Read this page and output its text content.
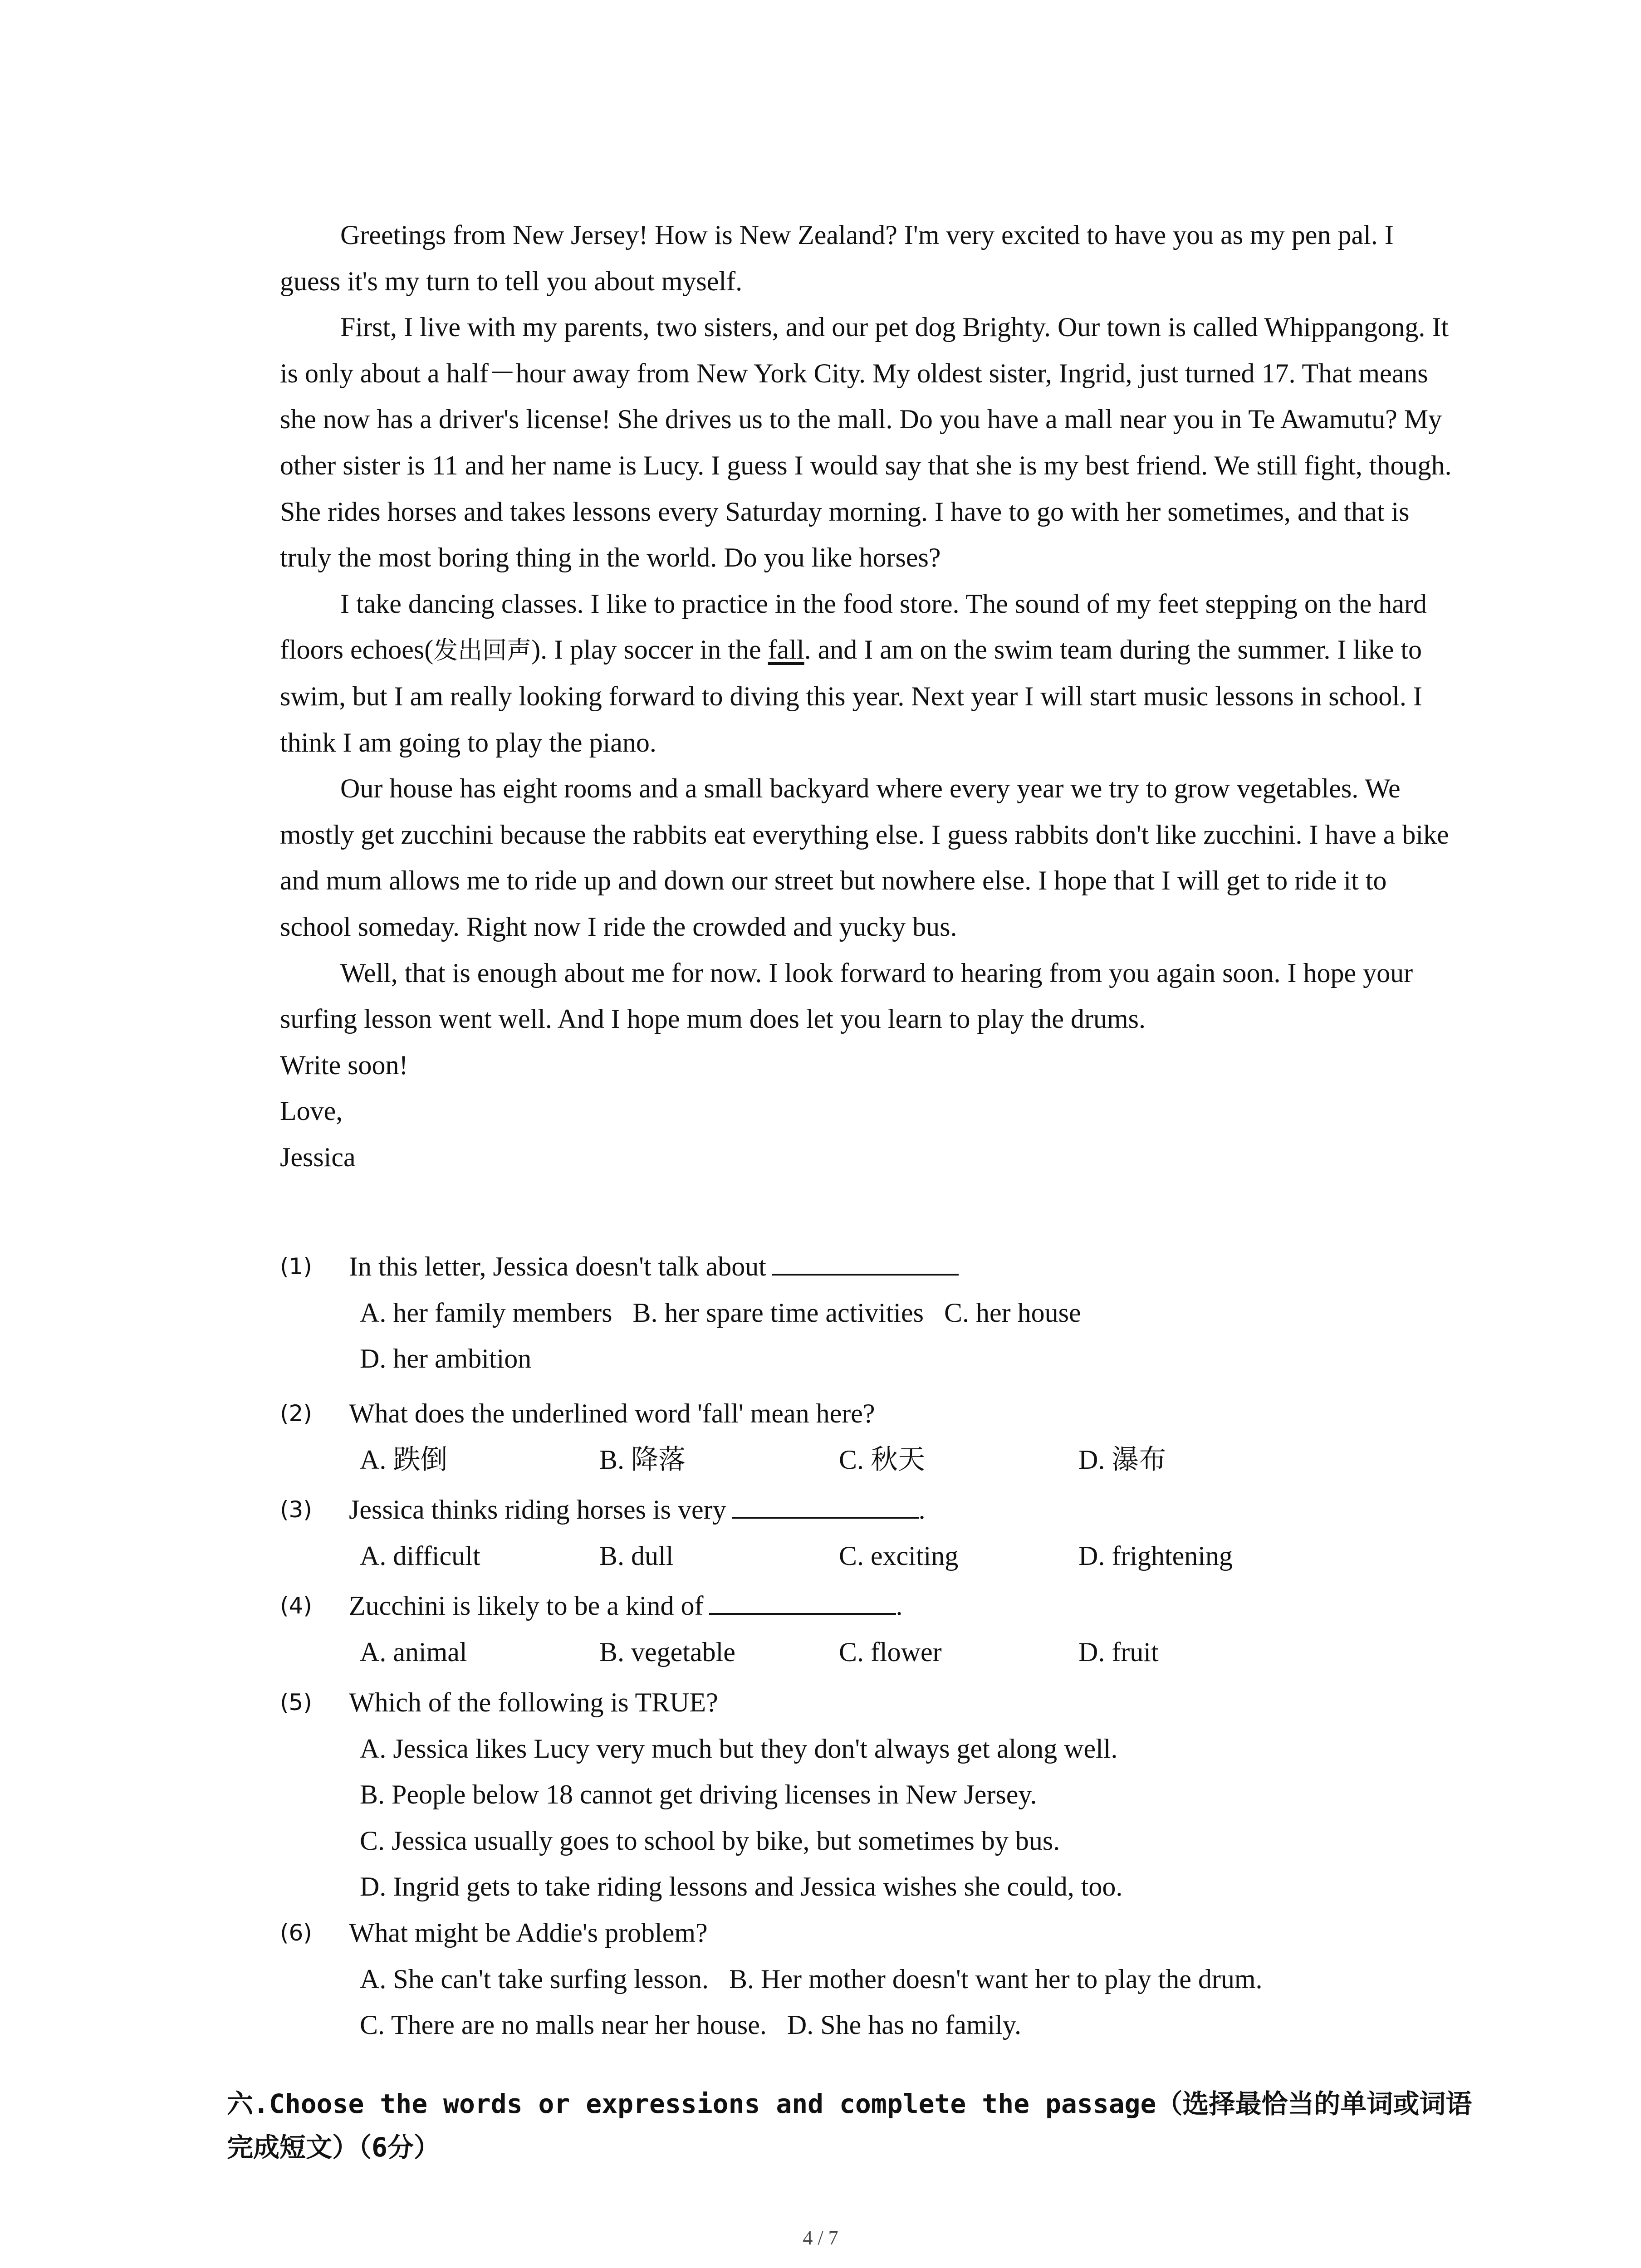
Greetings from New Jersey! How is New Zealand? I'm very excited to have you as my pen pal. I guess it's my turn to tell you about myself.

First, I live with my parents, two sisters, and our pet dog Brighty. Our town is called Whippangong. It is only about a half－hour away from New York City. My oldest sister, Ingrid, just turned 17. That means she now has a driver's license! She drives us to the mall. Do you have a mall near you in Te Awamutu? My other sister is 11 and her name is Lucy. I guess I would say that she is my best friend. We still fight, though. She rides horses and takes lessons every Saturday morning. I have to go with her sometimes, and that is truly the most boring thing in the world. Do you like horses?

I take dancing classes. I like to practice in the food store. The sound of my feet stepping on the hard floors echoes(发出回声). I play soccer in the fall. and I am on the swim team during the summer. I like to swim, but I am really looking forward to diving this year. Next year I will start music lessons in school. I think I am going to play the piano.

Our house has eight rooms and a small backyard where every year we try to grow vegetables. We mostly get zucchini because the rabbits eat everything else. I guess rabbits don't like zucchini. I have a bike and mum allows me to ride up and down our street but nowhere else. I hope that I will get to ride it to school someday. Right now I ride the crowded and yucky bus.

Well, that is enough about me for now. I look forward to hearing from you again soon. I hope your surfing lesson went well. And I hope mum does let you learn to play the drums.

Write soon!

Love,

Jessica

(1) In this letter, Jessica doesn't talk about
A. her family members B. her spare time activities C. her house
D. her ambition
(2) What does the underlined word 'fall' mean here?
A. 跌倒	B. 降落	C. 秋天	D. 瀑布
(3) Jessica thinks riding horses is very	.
A. difficult	B. dull	C. exciting	D. frightening
(4) Zucchini is likely to be a kind of	.
A. animal	B. vegetable	C. flower	D. fruit
(5) Which of the following is TRUE?
A. Jessica likes Lucy very much but they don't always get along well.
B. People below 18 cannot get driving licenses in New Jersey.
C. Jessica usually goes to school by bike, but sometimes by bus.
D. Ingrid gets to take riding lessons and Jessica wishes she could, too.
(6) What might be Addie's problem?
A. She can't take surfing lesson. B. Her mother doesn't want her to play the drum.
C. There are no malls near her house. D. She has no family.
六.Choose the words or expressions and complete the passage（选择最恰当的单词或词语完成短文）（6分）
4 / 7
